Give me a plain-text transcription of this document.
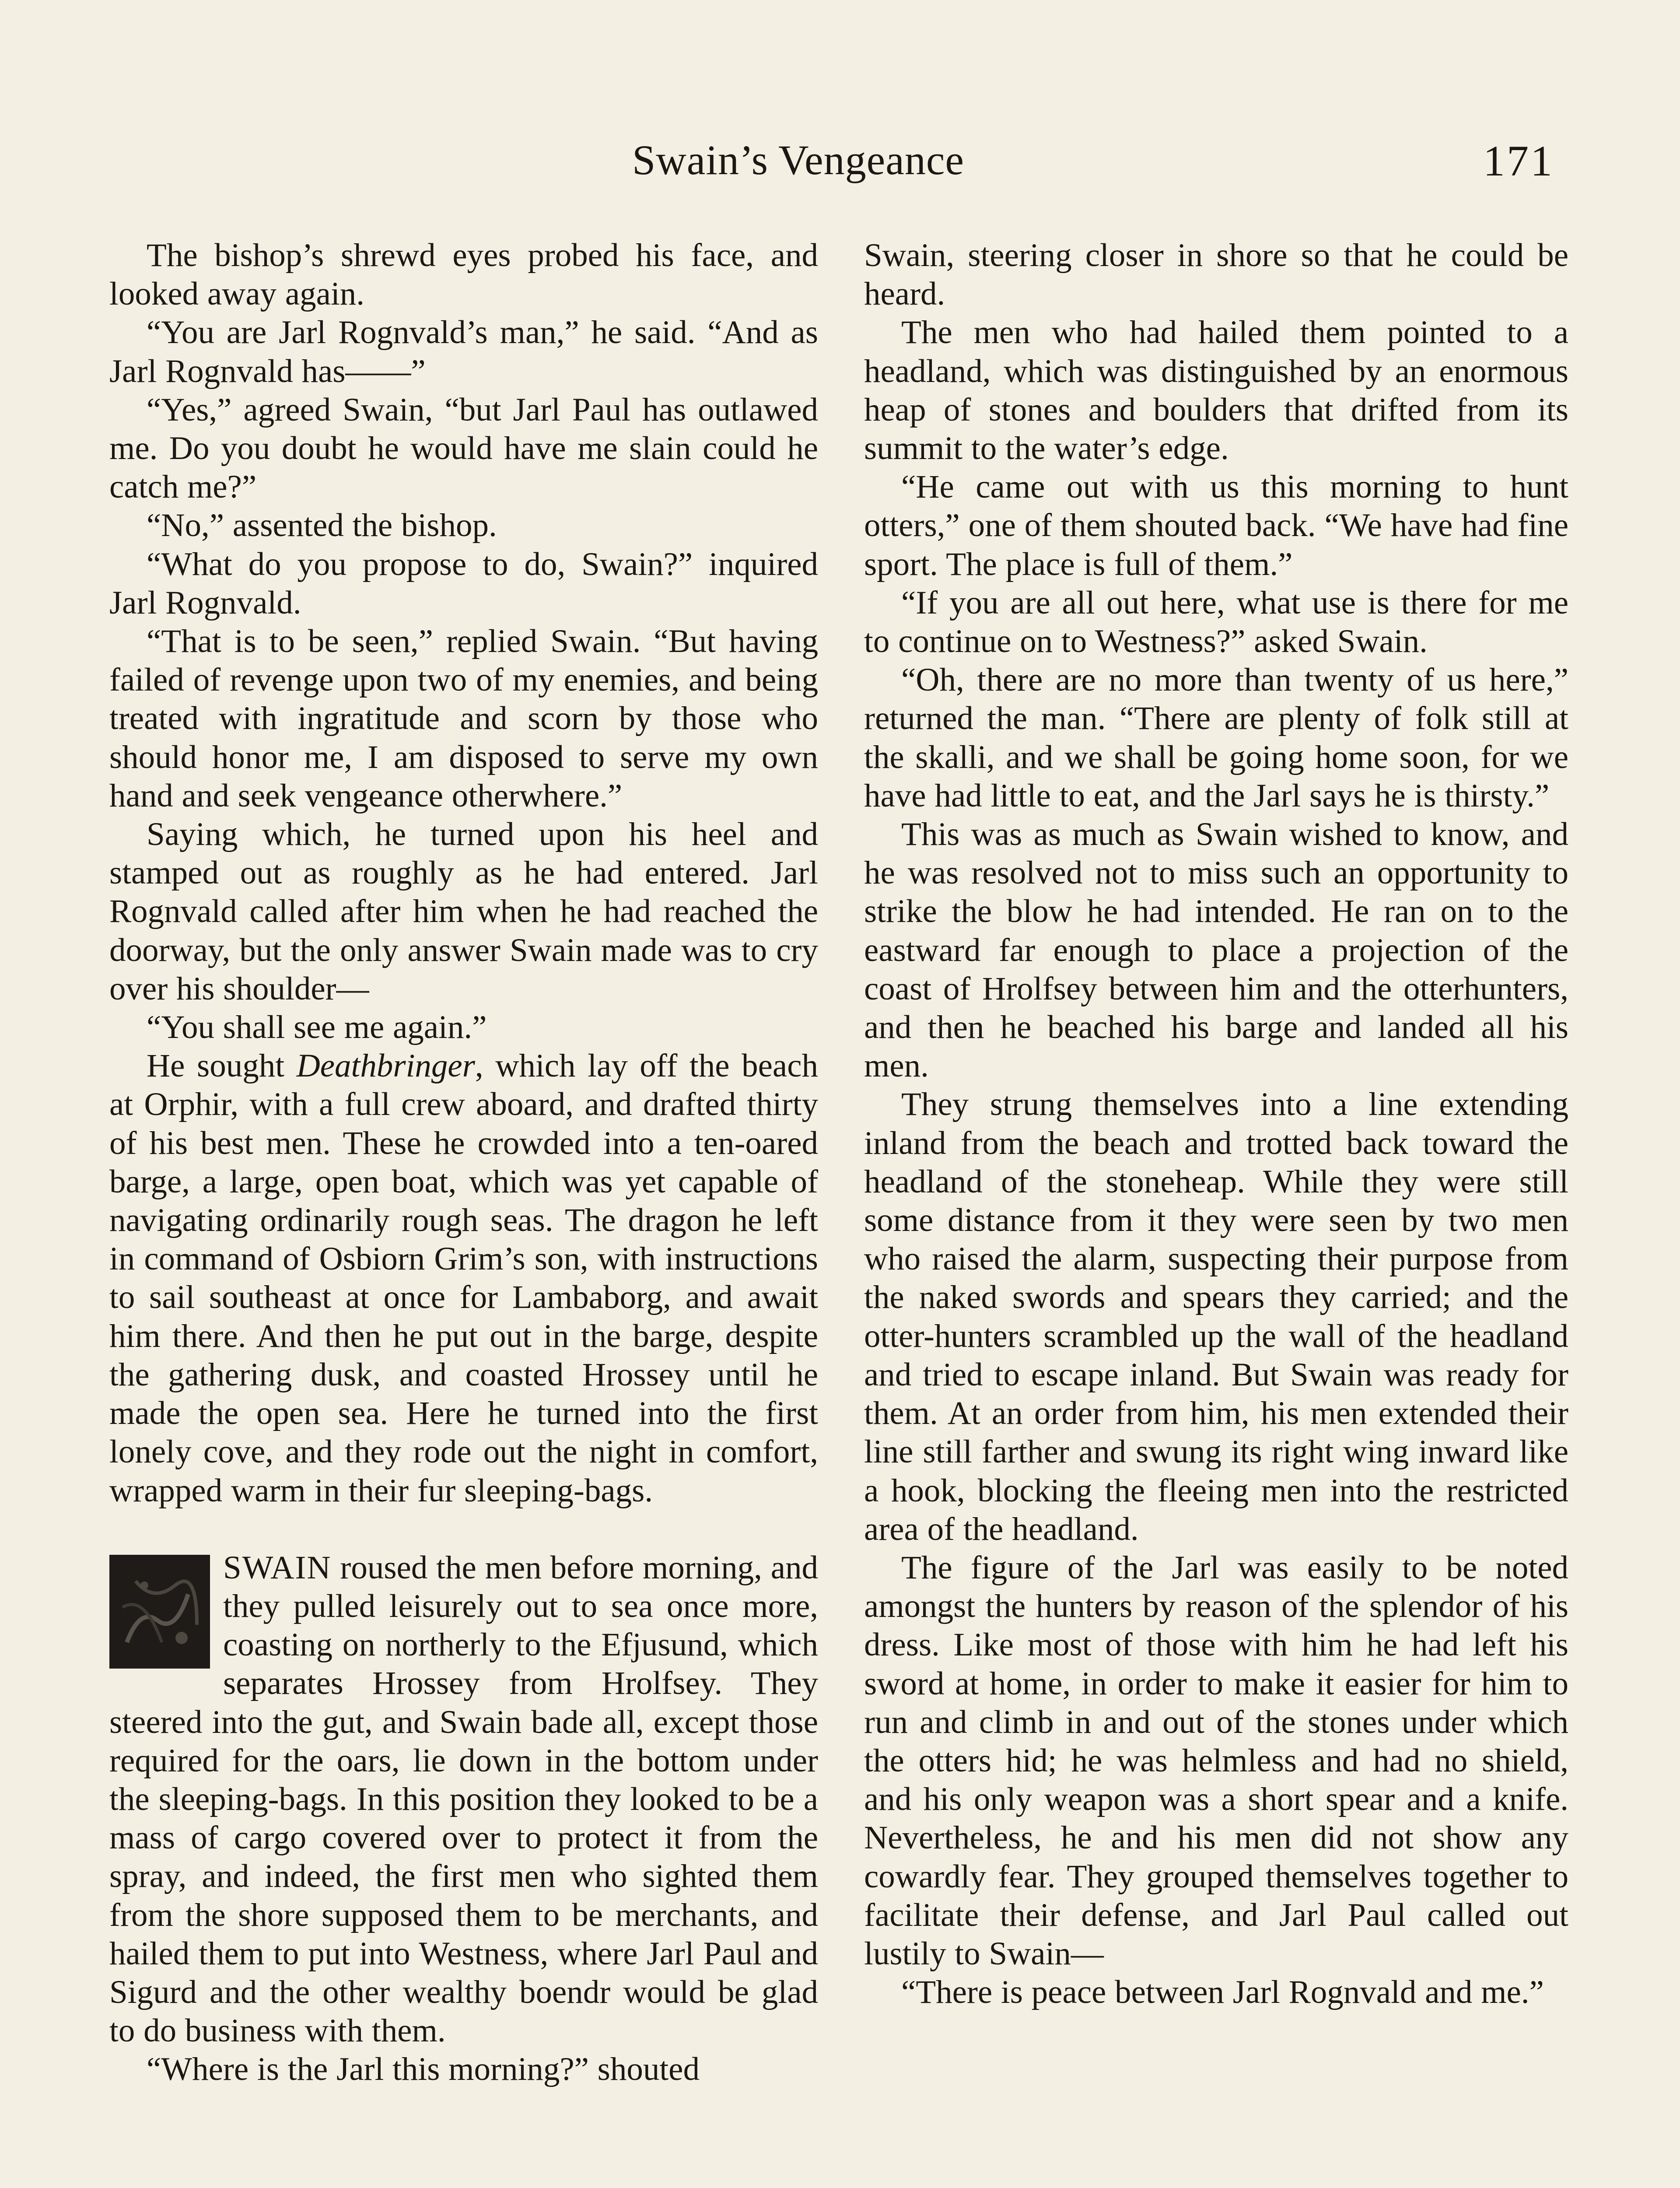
Swain’s Vengeance	171

The bishop’s shrewd eyes probed his face, and looked away again.

“You are Jarl Rognvald’s man,” he said. “And as Jarl Rognvald has——”

“Yes,” agreed Swain, “but Jarl Paul has outlawed me. Do you doubt he would have me slain could he catch me?”

“No,” assented the bishop.

“What do you propose to do, Swain?” inquired Jarl Rognvald.

“That is to be seen,” replied Swain. “But having failed of revenge upon two of my enemies, and being treated with ingratitude and scorn by those who should honor me, I am disposed to serve my own hand and seek vengeance otherwhere.”

Saying which, he turned upon his heel and stamped out as roughly as he had entered. Jarl Rognvald called after him when he had reached the doorway, but the only answer Swain made was to cry over his shoulder—

“You shall see me again.”

He sought Deathbringer, which lay off the beach at Orphir, with a full crew aboard, and drafted thirty of his best men. These he crowded into a ten-oared barge, a large, open boat, which was yet capable of navigating ordinarily rough seas. The dragon he left in command of Osbiorn Grim’s son, with instructions to sail southeast at once for Lambaborg, and await him there. And then he put out in the barge, despite the gathering dusk, and coasted Hrossey until he made the open sea. Here he turned into the first lonely cove, and they rode out the night in comfort, wrapped warm in their fur sleeping-bags.

SWAIN roused the men before morning, and they pulled leisurely out to sea once more, coasting on northerly to the Efjusund, which separates Hrossey from Hrolfsey. They steered into the gut, and Swain bade all, except those required for the oars, lie down in the bottom under the sleeping-bags. In this position they looked to be a mass of cargo covered over to protect it from the spray, and indeed, the first men who sighted them from the shore supposed them to be merchants, and hailed them to put into Westness, where Jarl Paul and Sigurd and the other wealthy boendr would be glad to do business with them.

“Where is the Jarl this morning?” shouted

Swain, steering closer in shore so that he could be heard.

The men who had hailed them pointed to a headland, which was distinguished by an enormous heap of stones and boulders that drifted from its summit to the water’s edge.

“He came out with us this morning to hunt otters,” one of them shouted back. “We have had fine sport. The place is full of them.”

“If you are all out here, what use is there for me to continue on to Westness?” asked Swain.

“Oh, there are no more than twenty of us here,” returned the man. “There are plenty of folk still at the skalli, and we shall be going home soon, for we have had little to eat, and the Jarl says he is thirsty.”

This was as much as Swain wished to know, and he was resolved not to miss such an opportunity to strike the blow he had intended. He ran on to the eastward far enough to place a projection of the coast of Hrolfsey between him and the otterhunters, and then he beached his barge and landed all his men.

They strung themselves into a line extending inland from the beach and trotted back toward the headland of the stoneheap. While they were still some distance from it they were seen by two men who raised the alarm, suspecting their purpose from the naked swords and spears they carried; and the otter-hunters scrambled up the wall of the headland and tried to escape inland. But Swain was ready for them. At an order from him, his men extended their line still farther and swung its right wing inward like a hook, blocking the fleeing men into the restricted area of the headland.

The figure of the Jarl was easily to be noted amongst the hunters by reason of the splendor of his dress. Like most of those with him he had left his sword at home, in order to make it easier for him to run and climb in and out of the stones under which the otters hid; he was helmless and had no shield, and his only weapon was a short spear and a knife. Nevertheless, he and his men did not show any cowardly fear. They grouped themselves together to facilitate their defense, and Jarl Paul called out lustily to Swain—

“There is peace between Jarl Rognvald and me.”
